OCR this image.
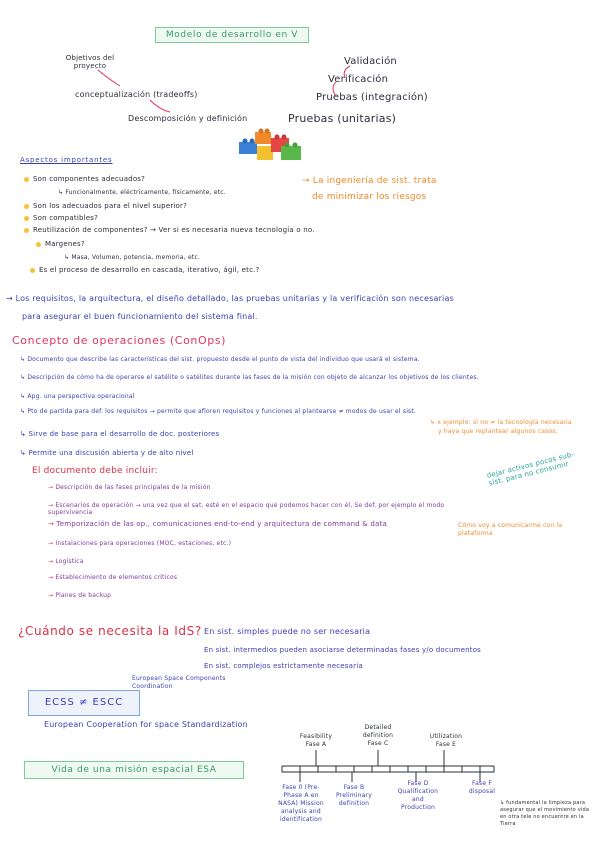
Modelo de desarrollo en V
Objetivos del proyecto
conceptualización (tradeoffs)
Descomposición y definición
Validación
Verificación
Pruebas (integración)
Pruebas (unitarias)
Aspectos importantes
Son componentes adecuados?
↳ Funcionalmente, eléctricamente, físicamente, etc.
Son los adecuados para el nivel superior?
Son compatibles?
Reutilización de componentes? → Ver si es necesaria nueva tecnología o no.
Margenes?
↳ Masa, Volumen, potencia, memoria, etc.
Es el proceso de desarrollo en cascada, iterativo, ágil, etc.?
→ La ingeniería de sist. trata
de minimizar los riesgos
→ Los requisitos, la arquitectura, el diseño detallado, las pruebas unitarias y la verificación son necesarias
para asegurar el buen funcionamiento del sistema final.
Concepto de operaciones (ConOps)
↳ Documento que describe las características del sist. propuesto desde el punto de vista del individuo que usará el sistema.
↳ Descripción de cómo ha de operarse el satélite o satélites durante las fases de la misión con objeto de alcanzar los objetivos de los clientes.
↳ Apg. una perspectiva operacional
↳ Pto de partida para def. los requisitos → permite que afloren requisitos y funciones al plantearse ≠ modos de usar el sist.
↳ x ejemplo: si no ≠ la tecnología necesaria
y haya que replantear algunos casos.
↳ Sirve de base para el desarrollo de doc. posteriores
↳ Permite una discusión abierta y de alto nivel
El documento debe incluir:	dejar activos pocos sub-sist. para no consumir
→ Descripción de las fases principales de la misión
→ Escenarios de operación → una vez que el sat. esté en el espacio qué podemos hacer con él, Se def. por ejemplo el modo supervivencia
→ Temporización de las op., comunicaciones end-to-end y arquitectura de command & data	Cómo voy a comunicarme con la plataforma
→ Instalaciones para operaciones (MOC, estaciones, etc.)
→ Logística
→ Establecimiento de elementos críticos
→ Planes de backup
¿Cuándo se necesita la IdS? En sist. simples puede no ser necesaria
En sist. intermedios pueden asociarse determinadas fases y/o documentos
En sist. complejos estrictamente necesaria
European Space Components Coordination
ECSS ≠ ESCC
European Cooperation for space Standardization
Vida de una misión espacial ESA
Feasibility Fase A
Detailed definition Fase C
Utilization Fase E
Fase 0 (Pre-Phase A en NASA) Mission analysis and identification
Fase B Preliminary definition
Fase D Qualification and Production
Fase F disposal
↳ fundamental la limpieza para asegurar que el movimiento vida en otra tele no encuentre en la Tierra
